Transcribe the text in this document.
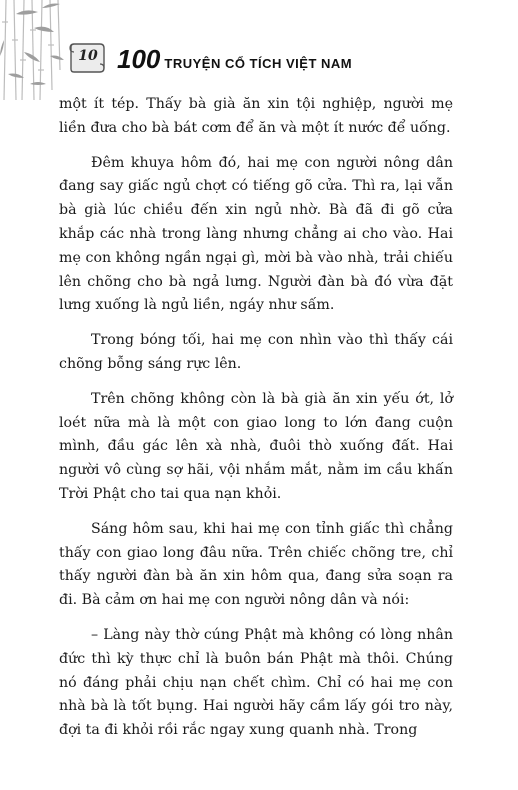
10 100 TRUYỆN CỔ TÍCH VIỆT NAM

một ít tép. Thấy bà già ăn xin tội nghiệp, người mẹ liền đưa cho bà bát cơm để ăn và một ít nước để uống.

Đêm khuya hôm đó, hai mẹ con người nông dân đang say giấc ngủ chợt có tiếng gõ cửa. Thì ra, lại vẫn bà già lúc chiều đến xin ngủ nhờ. Bà đã đi gõ cửa khắp các nhà trong làng nhưng chẳng ai cho vào. Hai mẹ con không ngần ngại gì, mời bà vào nhà, trải chiếu lên chõng cho bà ngả lưng. Người đàn bà đó vừa đặt lưng xuống là ngủ liền, ngáy như sấm.

Trong bóng tối, hai mẹ con nhìn vào thì thấy cái chõng bỗng sáng rực lên.

Trên chõng không còn là bà già ăn xin yếu ớt, lở loét nữa mà là một con giao long to lớn đang cuộn mình, đầu gác lên xà nhà, đuôi thò xuống đất. Hai người vô cùng sợ hãi, vội nhắm mắt, nằm im cầu khấn Trời Phật cho tai qua nạn khỏi.

Sáng hôm sau, khi hai mẹ con tỉnh giấc thì chẳng thấy con giao long đâu nữa. Trên chiếc chõng tre, chỉ thấy người đàn bà ăn xin hôm qua, đang sửa soạn ra đi. Bà cảm ơn hai mẹ con người nông dân và nói:

– Làng này thờ cúng Phật mà không có lòng nhân đức thì kỳ thực chỉ là buôn bán Phật mà thôi. Chúng nó đáng phải chịu nạn chết chìm. Chỉ có hai mẹ con nhà bà là tốt bụng. Hai người hãy cầm lấy gói tro này, đợi ta đi khỏi rồi rắc ngay xung quanh nhà. Trong
